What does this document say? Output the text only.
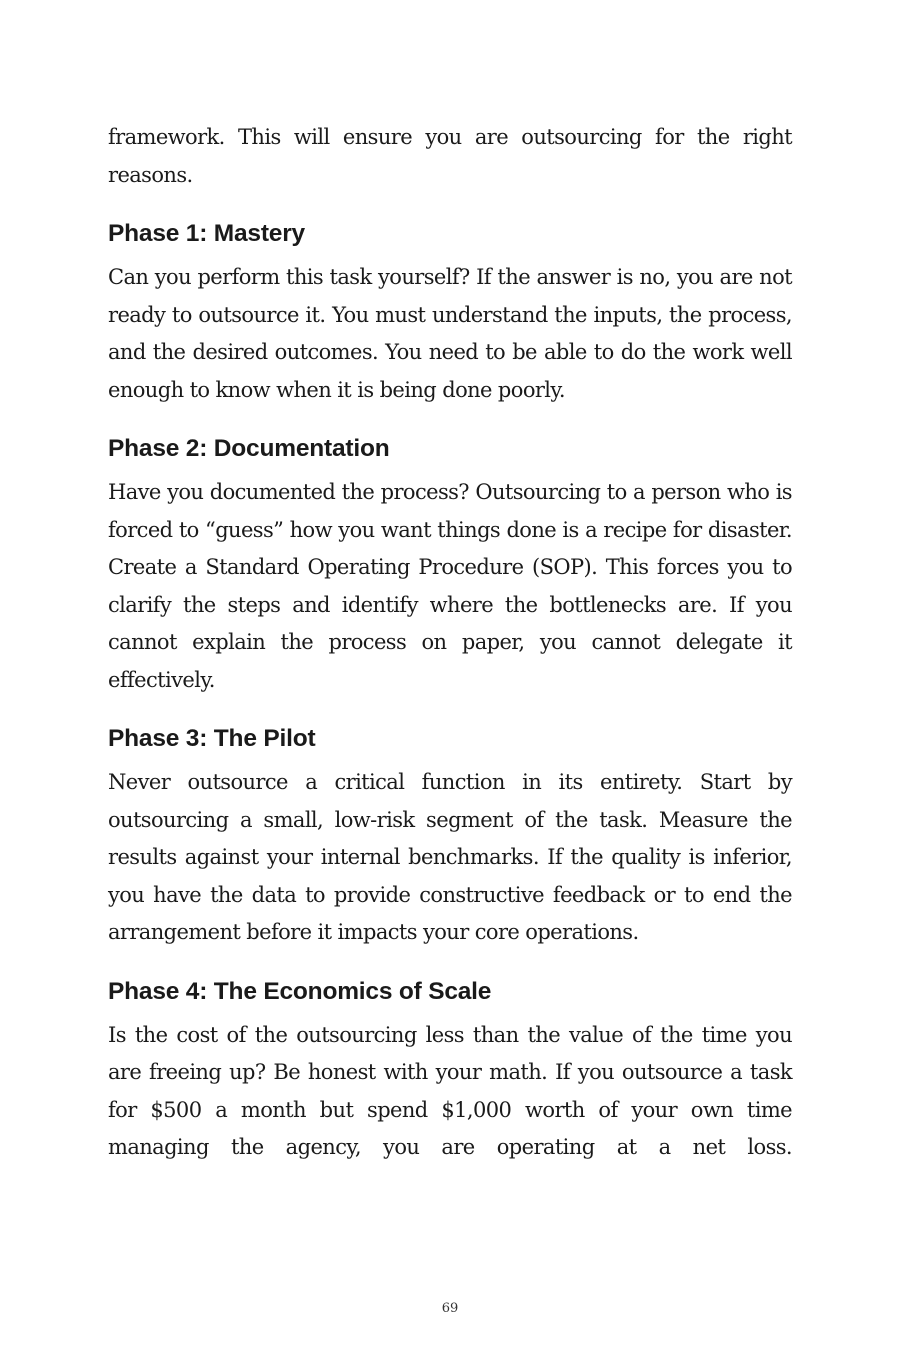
framework. This will ensure you are outsourcing for the right reasons.

Phase 1: Mastery

Can you perform this task yourself? If the answer is no, you are not ready to outsource it. You must understand the inputs, the process, and the desired outcomes. You need to be able to do the work well enough to know when it is being done poorly.

Phase 2: Documentation

Have you documented the process? Outsourcing to a person who is forced to “guess” how you want things done is a recipe for disaster. Create a Standard Operating Procedure (SOP). This forces you to clarify the steps and identify where the bottlenecks are. If you cannot explain the process on paper, you cannot delegate it effectively.

Phase 3: The Pilot

Never outsource a critical function in its entirety. Start by outsourcing a small, low-risk segment of the task. Measure the results against your internal benchmarks. If the quality is inferior, you have the data to provide constructive feedback or to end the arrangement before it impacts your core operations.

Phase 4: The Economics of Scale

Is the cost of the outsourcing less than the value of the time you are freeing up? Be honest with your math. If you outsource a task for $500 a month but spend $1,000 worth of your own time managing the agency, you are operating at a net loss.

69
